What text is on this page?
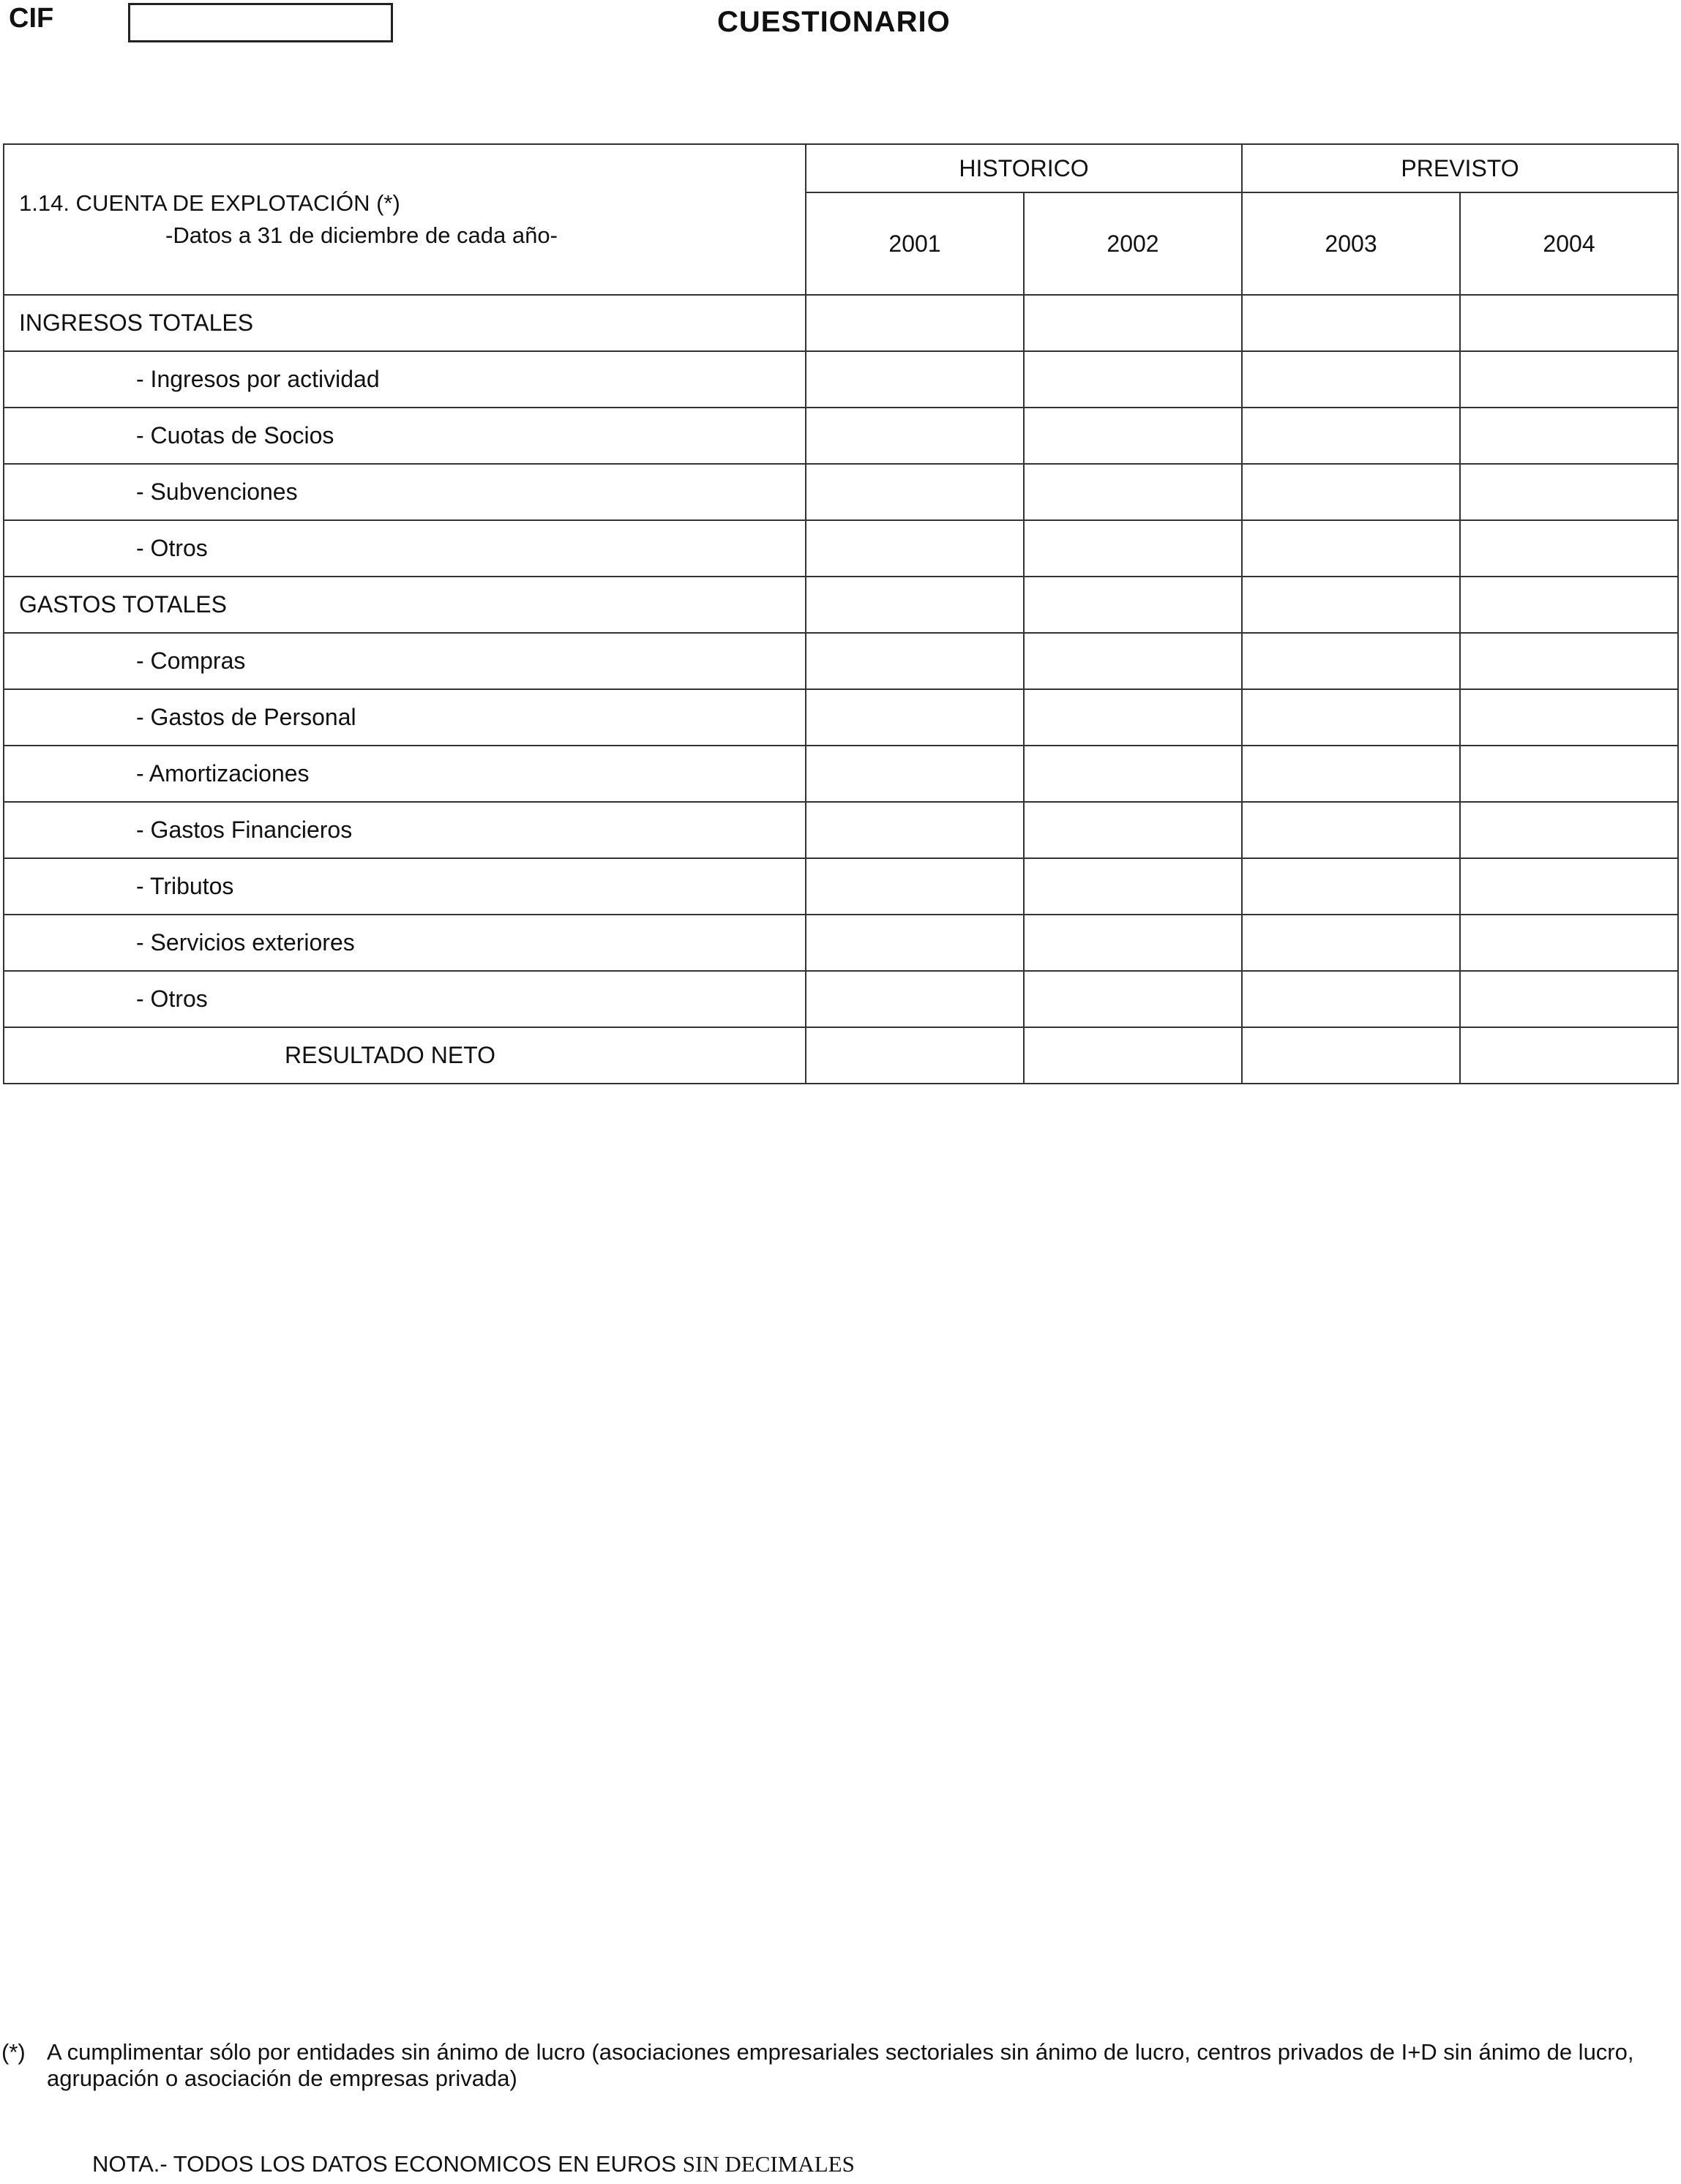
CIF	CUESTIONARIO
1.14. CUENTA DE EXPLOTACIÓN (*)
-Datos a 31 de diciembre de cada año-	HISTORICO		PREVISTO	
	2001	2002	2003	2004
INGRESOS TOTALES				
- Ingresos por actividad				
- Cuotas de Socios				
- Subvenciones				
- Otros				
GASTOS TOTALES				
- Compras				
- Gastos de Personal				
- Amortizaciones				
- Gastos Financieros				
- Tributos				
- Servicios exteriores				
- Otros				
RESULTADO NETO				
(*) A cumplimentar sólo por entidades sin ánimo de lucro (asociaciones empresariales sectoriales sin ánimo de lucro, centros privados de I+D sin ánimo de lucro, agrupación o asociación de empresas privada)
NOTA.- TODOS LOS DATOS ECONOMICOS EN EUROS SIN DECIMALES
